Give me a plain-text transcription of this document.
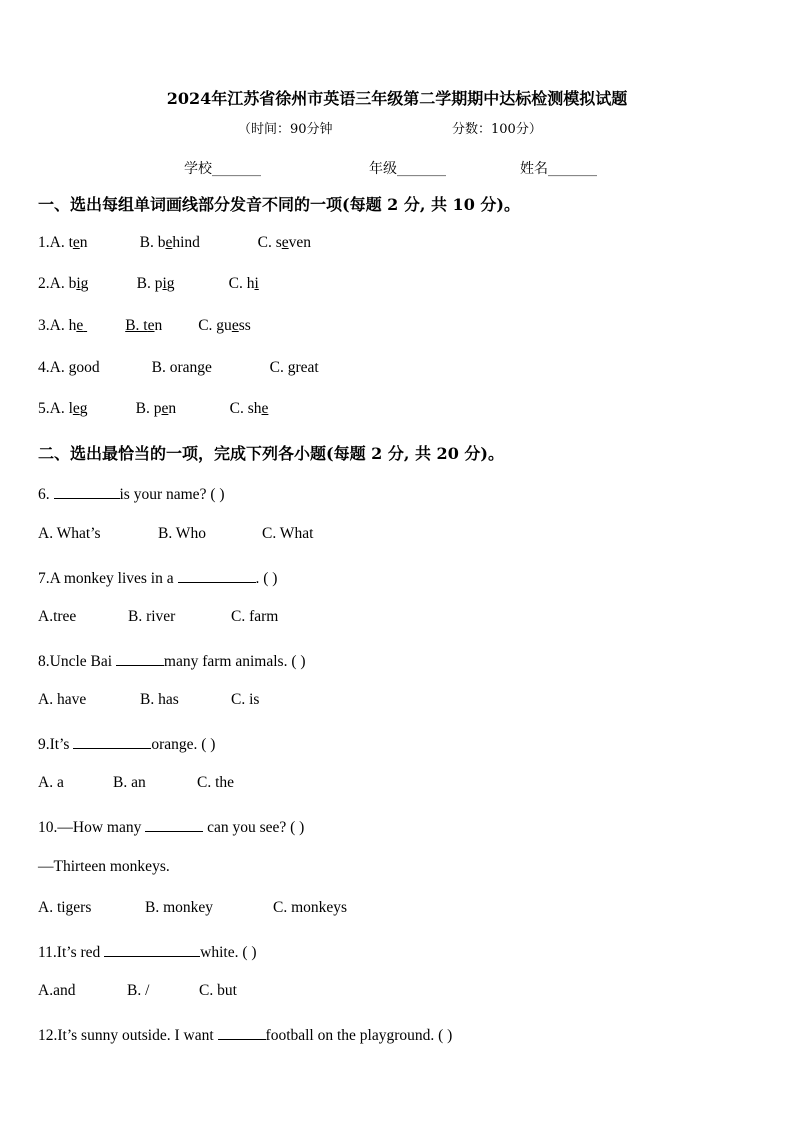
2024年江苏省徐州市英语三年级第二学期期中达标检测模拟试题
（时间：90分钟	分数：100分）
学校_______	年级_______	姓名_______
一、选出每组单词画线部分发音不同的一项(每题 2 分, 共 10 分)。
1.A. ten	B. behind	C. seven
2.A. big	B. pig	C. hi
3.A. he	B. ten C. guess
4.A. good	B. orange	C. great
5.A. leg	B. pen	C. she
二、选出最恰当的一项，完成下列各小题(每题 2 分, 共 20 分)。
6.	is your name? ( )
A. What’s	B. Who	C. What
7.A monkey lives in a	. ( )
A.tree	B. river	C. farm
8.Uncle Bai	many farm animals. ( )
A. have	B. has	C. is
9.It’s	orange. ( )
A. a	B. an	C. the
10.—How many	can you see? ( )
—Thirteen monkeys.
A. tigers	B. monkey	C. monkeys
11.It’s red	white. ( )
A.and	B. /	C. but
12.It’s sunny outside. I want	football on the playground. ( )
